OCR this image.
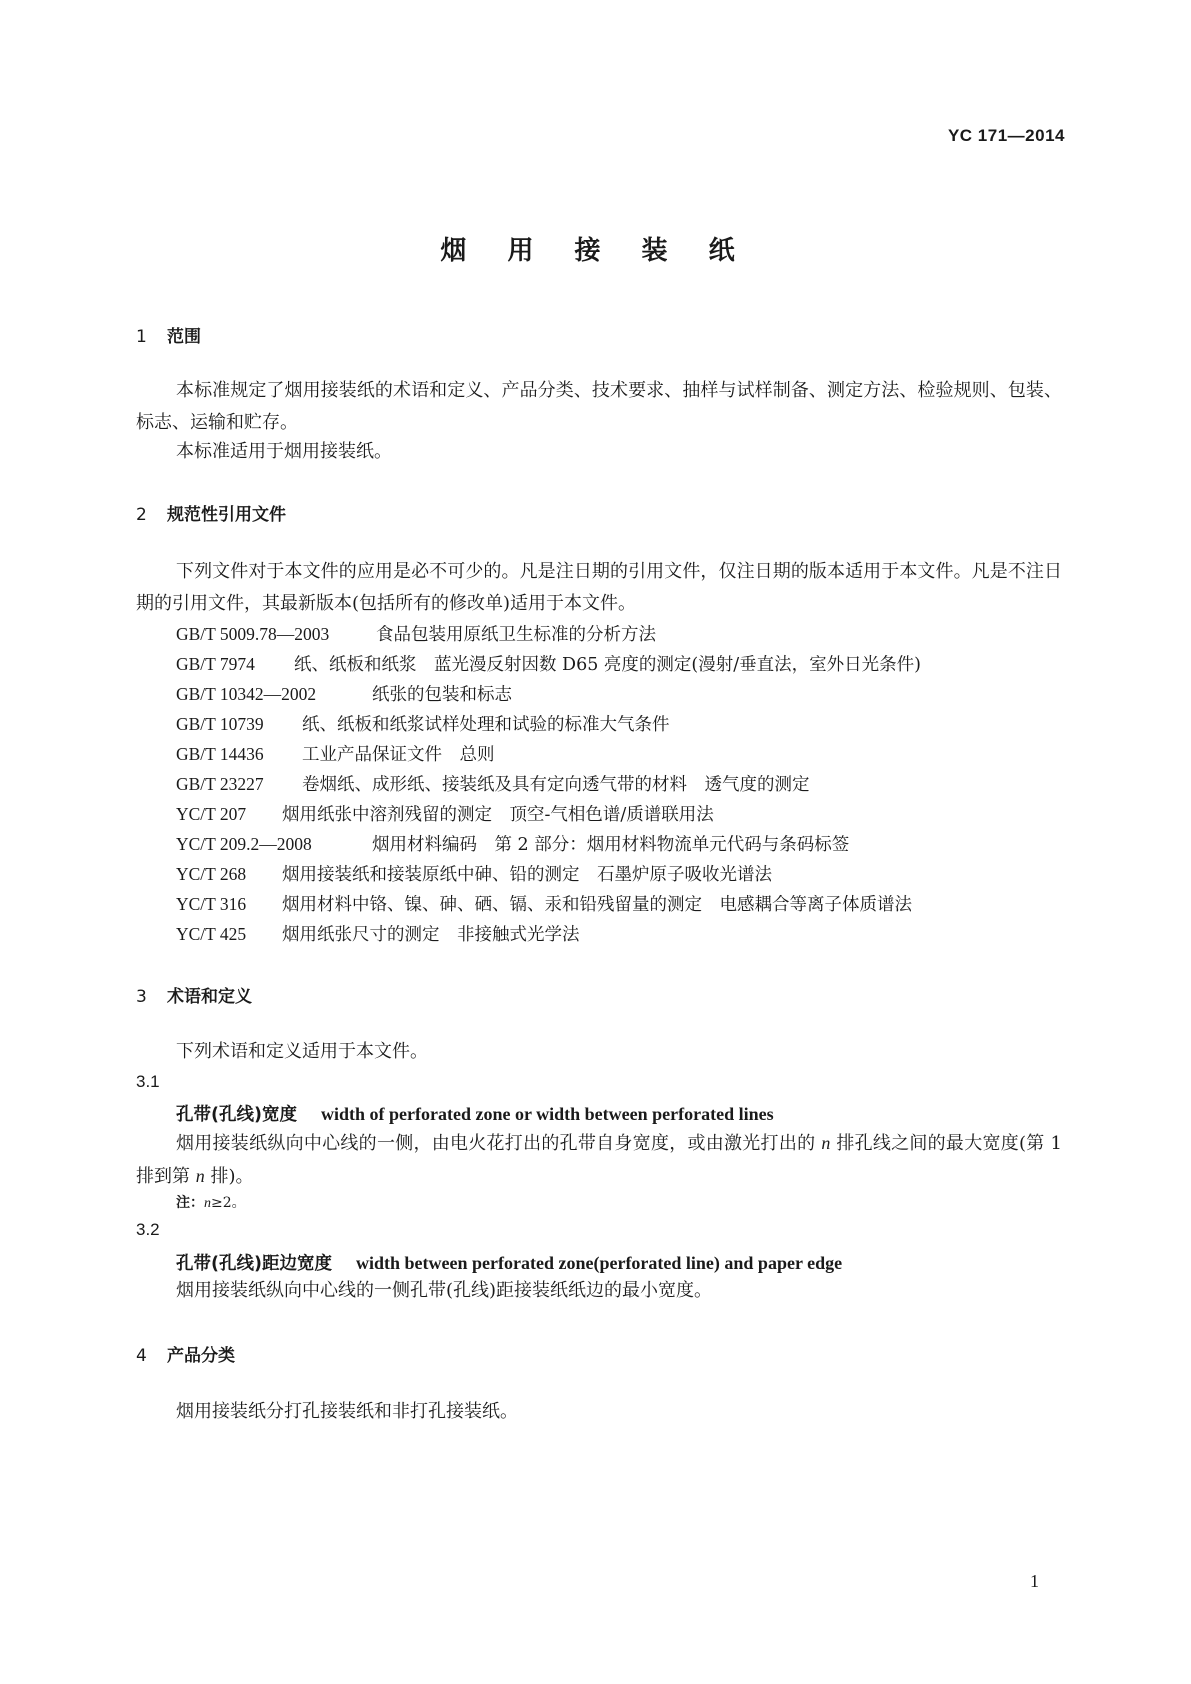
YC 171—2014
烟 用 接 装 纸
1 范围
本标准规定了烟用接装纸的术语和定义、产品分类、技术要求、抽样与试样制备、测定方法、检验规则、包装、标志、运输和贮存。
本标准适用于烟用接装纸。
2 规范性引用文件
下列文件对于本文件的应用是必不可少的。凡是注日期的引用文件，仅注日期的版本适用于本文件。凡是不注日期的引用文件，其最新版本(包括所有的修改单)适用于本文件。
GB/T 5009.78—2003	食品包装用原纸卫生标准的分析方法
GB/T 7974 纸、纸板和纸浆　蓝光漫反射因数 D65 亮度的测定(漫射/垂直法，室外日光条件)
GB/T 10342—2002	纸张的包装和标志
GB/T 10739 纸、纸板和纸浆试样处理和试验的标准大气条件
GB/T 14436 工业产品保证文件　总则
GB/T 23227 卷烟纸、成形纸、接装纸及具有定向透气带的材料　透气度的测定
YC/T 207 烟用纸张中溶剂残留的测定　顶空-气相色谱/质谱联用法
YC/T 209.2—2008	烟用材料编码　第 2 部分：烟用材料物流单元代码与条码标签
YC/T 268 烟用接装纸和接装原纸中砷、铅的测定　石墨炉原子吸收光谱法
YC/T 316 烟用材料中铬、镍、砷、硒、镉、汞和铅残留量的测定　电感耦合等离子体质谱法
YC/T 425 烟用纸张尺寸的测定　非接触式光学法
3 术语和定义
下列术语和定义适用于本文件。
3.1
孔带(孔线)宽度 width of perforated zone or width between perforated lines
烟用接装纸纵向中心线的一侧，由电火花打出的孔带自身宽度，或由激光打出的 n 排孔线之间的最大宽度(第 1 排到第 n 排)。
注：n≥2。
3.2
孔带(孔线)距边宽度 width between perforated zone(perforated line) and paper edge
烟用接装纸纵向中心线的一侧孔带(孔线)距接装纸纸边的最小宽度。
4 产品分类
烟用接装纸分打孔接装纸和非打孔接装纸。
1
